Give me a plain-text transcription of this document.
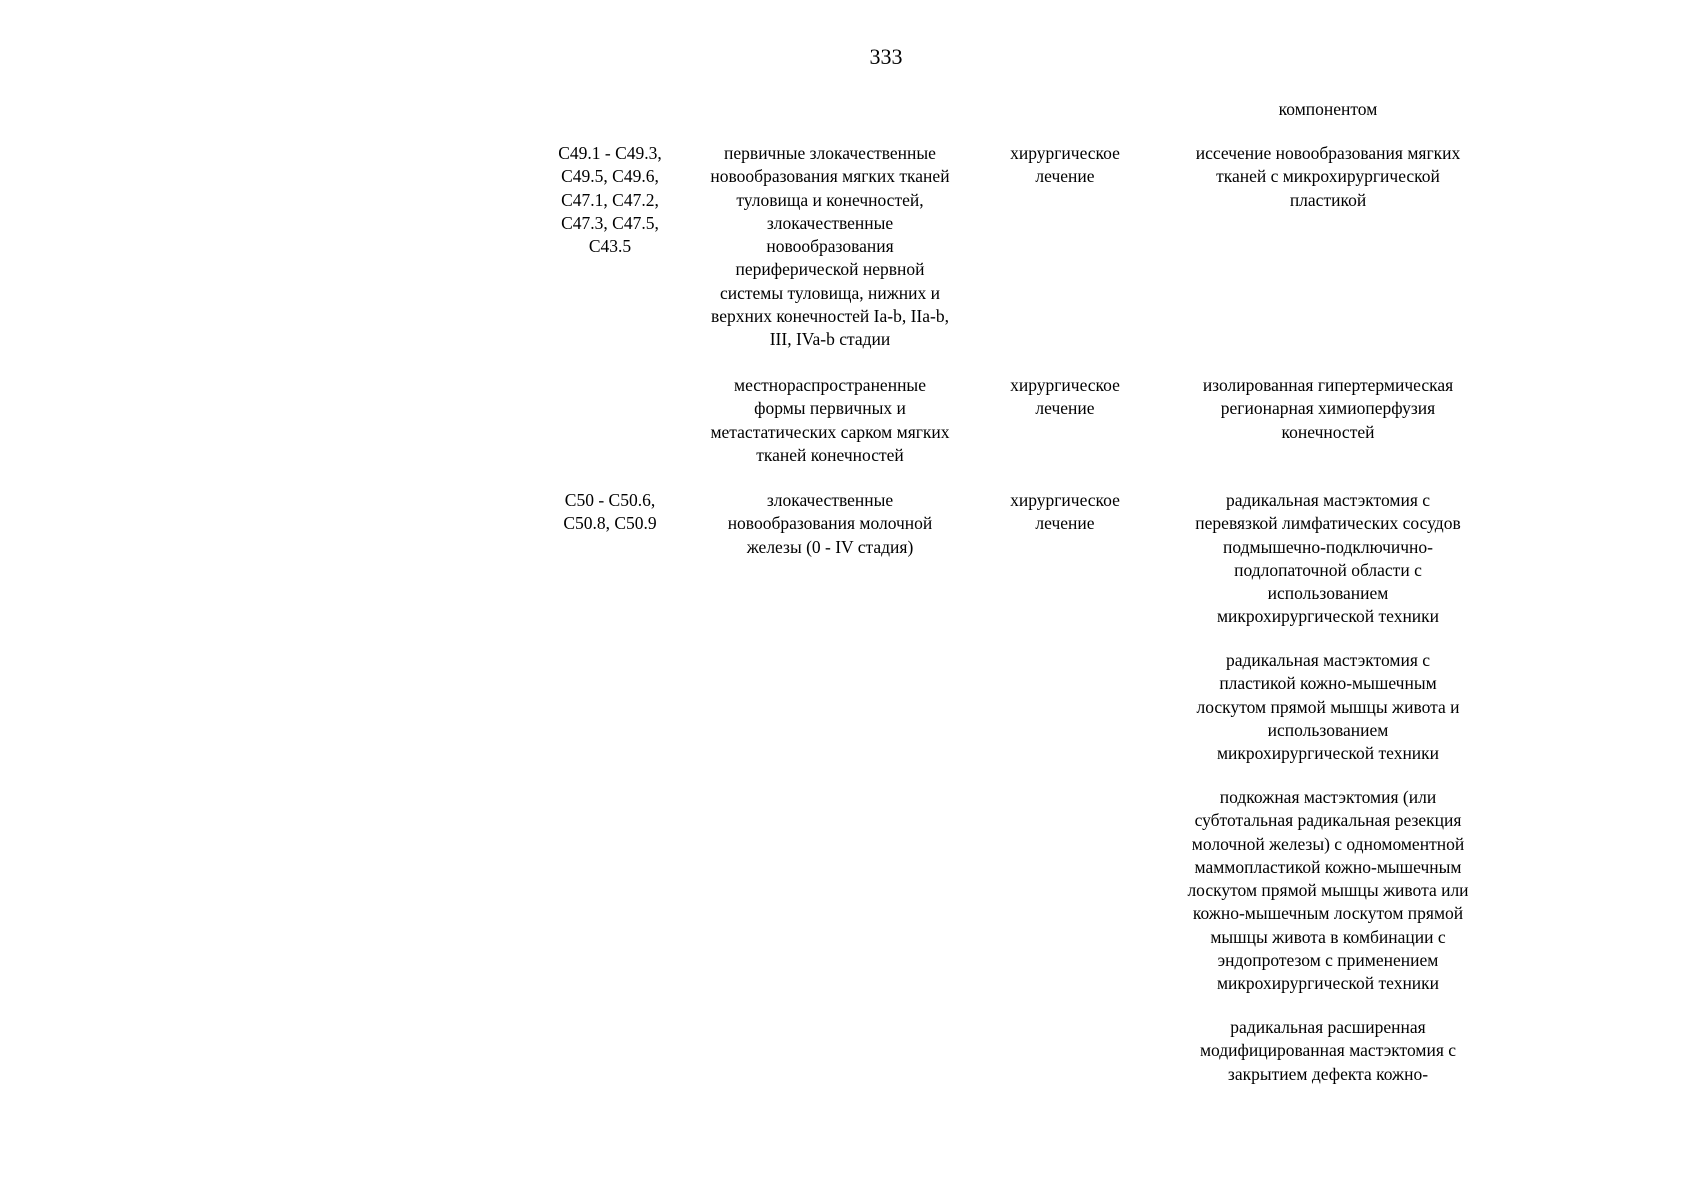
333
компонентом
C49.1 - C49.3,
C49.5, C49.6,
C47.1, C47.2,
C47.3, C47.5,
C43.5
первичные злокачественные
новообразования мягких тканей
туловища и конечностей,
злокачественные
новообразования
периферической нервной
системы туловища, нижних и
верхних конечностей Ia-b, IIa-b,
III, IVa-b стадии
хирургическое
лечение
иссечение новообразования мягких
тканей с микрохирургической
пластикой
местнораспространенные
формы первичных и
метастатических сарком мягких
тканей конечностей
хирургическое
лечение
изолированная гипертермическая
регионарная химиоперфузия
конечностей
C50 - C50.6,
C50.8, C50.9
злокачественные
новообразования молочной
железы (0 - IV стадия)
хирургическое
лечение
радикальная мастэктомия с
перевязкой лимфатических сосудов
подмышечно-подключично-
подлопаточной области с
использованием
микрохирургической техники
радикальная мастэктомия с
пластикой кожно-мышечным
лоскутом прямой мышцы живота и
использованием
микрохирургической техники
подкожная мастэктомия (или
субтотальная радикальная резекция
молочной железы) с одномоментной
маммопластикой кожно-мышечным
лоскутом прямой мышцы живота или
кожно-мышечным лоскутом прямой
мышцы живота в комбинации с
эндопротезом с применением
микрохирургической техники
радикальная расширенная
модифицированная мастэктомия с
закрытием дефекта кожно-
